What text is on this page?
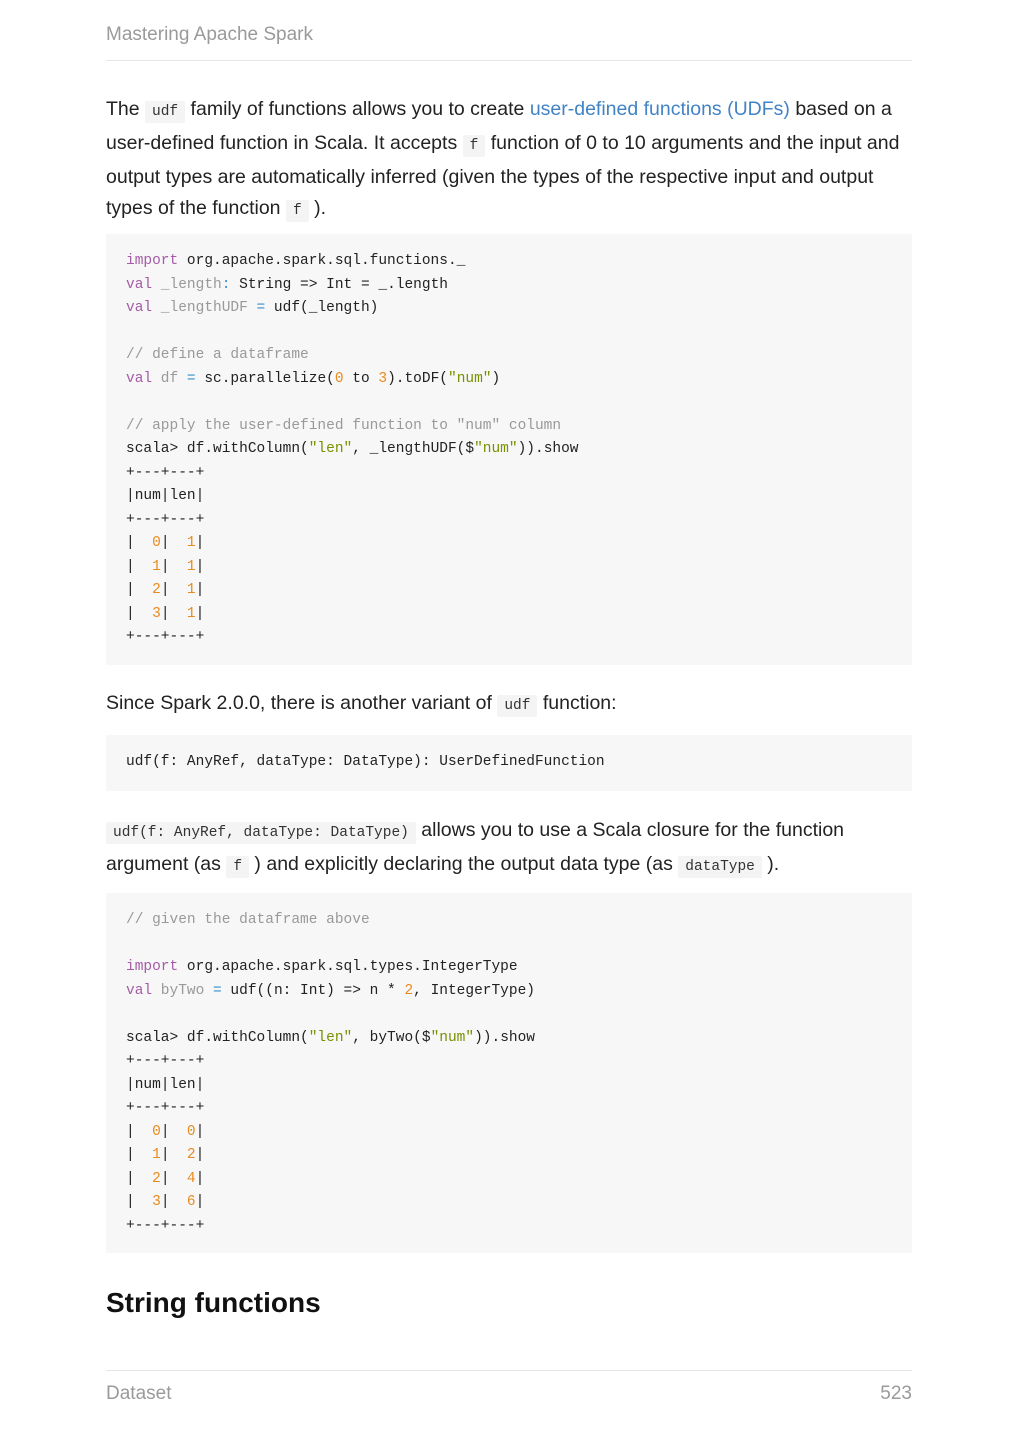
Mastering Apache Spark

The udf family of functions allows you to create user-defined functions (UDFs) based on a user-defined function in Scala. It accepts f function of 0 to 10 arguments and the input and output types are automatically inferred (given the types of the respective input and output types of the function f ).

import org.apache.spark.sql.functions._
val _length: String => Int = _.length
val _lengthUDF = udf(_length)

// define a dataframe
val df = sc.parallelize(0 to 3).toDF("num")

// apply the user-defined function to "num" column
scala> df.withColumn("len", _lengthUDF($"num")).show
+---+---+
|num|len|
+---+---+
|  0|  1|
|  1|  1|
|  2|  1|
|  3|  1|
+---+---+

Since Spark 2.0.0, there is another variant of udf function:

udf(f: AnyRef, dataType: DataType): UserDefinedFunction

udf(f: AnyRef, dataType: DataType) allows you to use a Scala closure for the function argument (as f ) and explicitly declaring the output data type (as dataType ).

// given the dataframe above

import org.apache.spark.sql.types.IntegerType
val byTwo = udf((n: Int) => n * 2, IntegerType)

scala> df.withColumn("len", byTwo($"num")).show
+---+---+
|num|len|
+---+---+
|  0|  0|
|  1|  2|
|  2|  4|
|  3|  6|
+---+---+
String functions
Dataset	523
